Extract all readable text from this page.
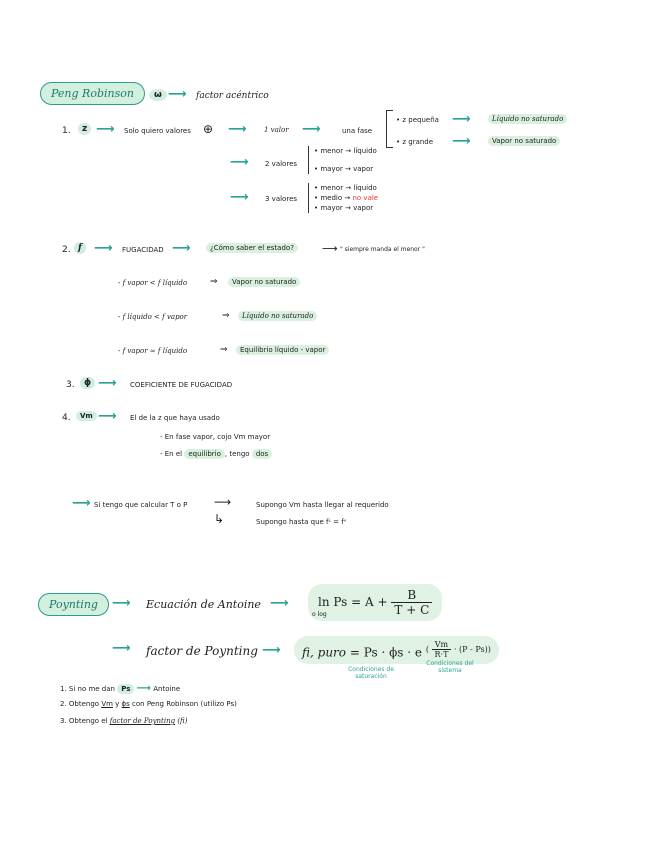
Peng Robinson	ω ⟶ factor acéntrico
1.	z ⟶ Solo quiero valores ⊕ ⟶ 1 valor ⟶	una fase
• z pequeña ⟶	Líquido no saturado
• z grande ⟶	Vapor no saturado
⟶ 2 valores
• menor → líquido
• mayor → vapor
⟶ 3 valores
• menor → líquido
• medio → no vale
• mayor → vapor
2. f ⟶ FUGACIDAD ⟶	¿Cómo saber el estado?	⟶ " siempre manda el menor "
- f vapor < f líquido	⇒	Vapor no saturado
- f líquido < f vapor	⇒	Líquido no saturado
- f vapor ≃ f líquido	⇒	Equilibrio líquido - vapor
3.	ϕ ⟶ COEFICIENTE DE FUGACIDAD
4.	Vm ⟶ El de la z que haya usado
- En fase vapor, cojo Vm mayor
- En el equilibrio , tengo dos
⟶ Si tengo que calcular T o P ⟶	Supongo Vm hasta llegar al requerido
↳	Supongo hasta que fᴸ = fᵛ
Poynting	⟶ Ecuación de Antoine ⟶	$\ln Ps = A + \frac{B}{T + C}$
o log
⟶ factor de Poynting ⟶	fi, puro = Ps · ϕs · e $^{( \frac{Vm}{R\cdot T} \cdot (P - Ps))}$
Condiciones de saturación
Condiciones del sistema
1. Si no me dan Ps ⟶ Antoine
2. Obtengo Vm y ϕs con Peng Robinson (utilizo Ps)
3. Obtengo el factor de Poynting (fi)
